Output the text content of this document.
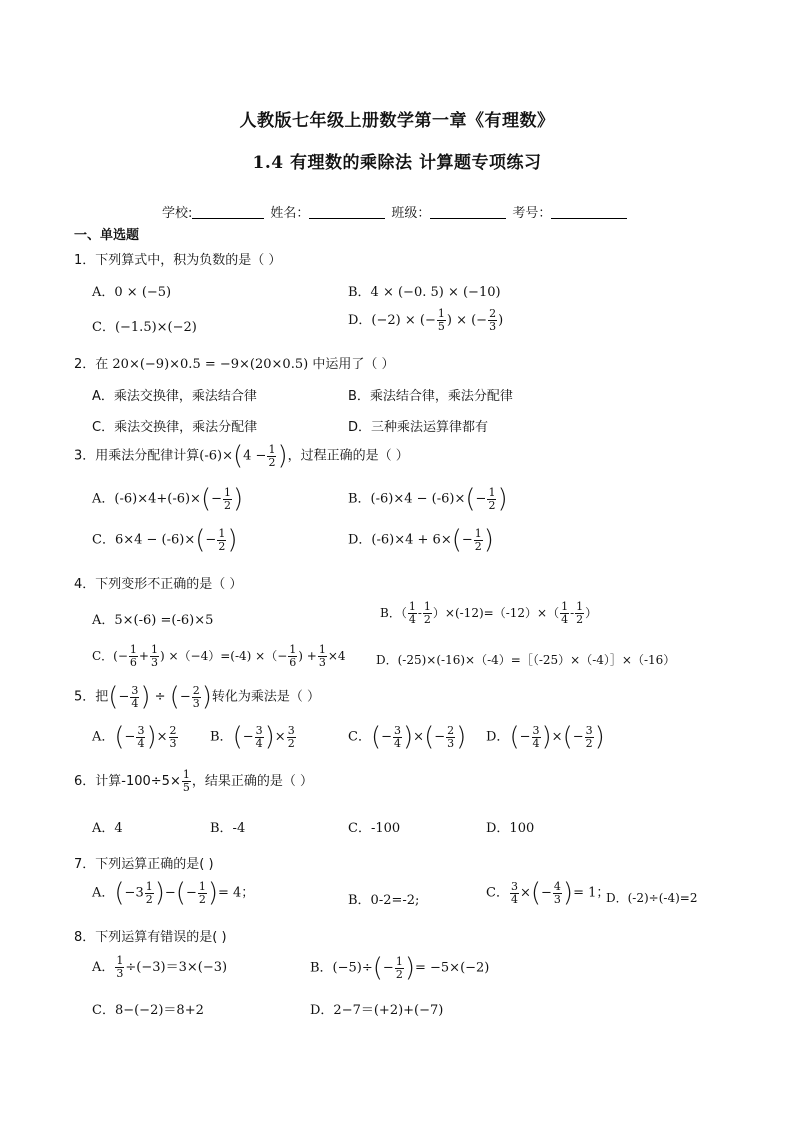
人教版七年级上册数学第一章《有理数》
1.4 有理数的乘除法 计算题专项练习
学校:	姓名：	班级：	考号：
一、单选题
1．下列算式中，积为负数的是（ ）
A．0 × (−5)	B．4 × (−0. 5) × (−10)
C．(−1.5)×(−2)	D．(−2) × (− $\frac{1}{5}$ ) × (− $\frac{2}{3}$ )
2．在 20×(−9)×0.5 = −9×(20×0.5) 中运用了（ ）
A．乘法交换律，乘法结合律	B．乘法结合律，乘法分配律
C．乘法交换律，乘法分配律	D．三种乘法运算律都有
3．用乘法分配律计算$(-6)\times(4 - \frac{1}{2}$ )，过程正确的是（ ）
A．$(-6)\times 4+(-6)\times(- \frac{1}{2}$ )	B．$(-6)\times 4 - (-6)\times(- \frac{1}{2}$ )
C．$6\times 4 - (-6)\times(- \frac{1}{2}$ )	D．$(-6)\times 4 + 6\times(- \frac{1}{2}$ )
4．下列变形不正确的是（ ）
A．5×(-6) =(-6)×5	B．（ $\frac{1}{4} - \frac{1}{2} )\times(-12)=(-12)\times( \frac{1}{4} - \frac{1}{2}$ ）
C．(− $\frac{1}{6} + \frac{1}{3}$ ) ×（−4）=(-4) ×（− $\frac{1}{6}$ ) + $\frac{1}{3} \times 4$	D．(-25)×(-16)×（-4）=［（-25）×（-4）］×（-16）
5．把(− $\frac{3}{4}$ ) ÷ (− $\frac{2}{3}$ )转化为乘法是（ ）
A．(− $\frac{3}{4}$ )× $\frac{2}{3}$ B．(− $\frac{3}{4}$ )× $\frac{3}{2}$	C．(− $\frac{3}{4}$ )×(− $\frac{2}{3}$ ) D．(− $\frac{3}{4}$ )×(− $\frac{3}{2}$ )
6．计算$-100\div 5\times \frac{1}{5}$ ，结果正确的是（ ）
A．4	B．-4	C．-100	D．100
7．下列运算正确的是( )
A．($-3 \frac{1}{2}$ )−(− $\frac{1}{2}$ )= 4；	B．0-2=-2;	C． $\frac{3}{4}$ ×(− $\frac{4}{3}$ )= 1；
D．(-2)÷(-4)=2
8．下列运算有错误的是( )
A． $\frac{1}{3} \div(-3)=3\times(-3)$	B．$(-5)\div(- \frac{1}{2}$ )= −5×(−2)
C．8−(−2)＝8+2	D．2−7＝(+2)+(−7)
